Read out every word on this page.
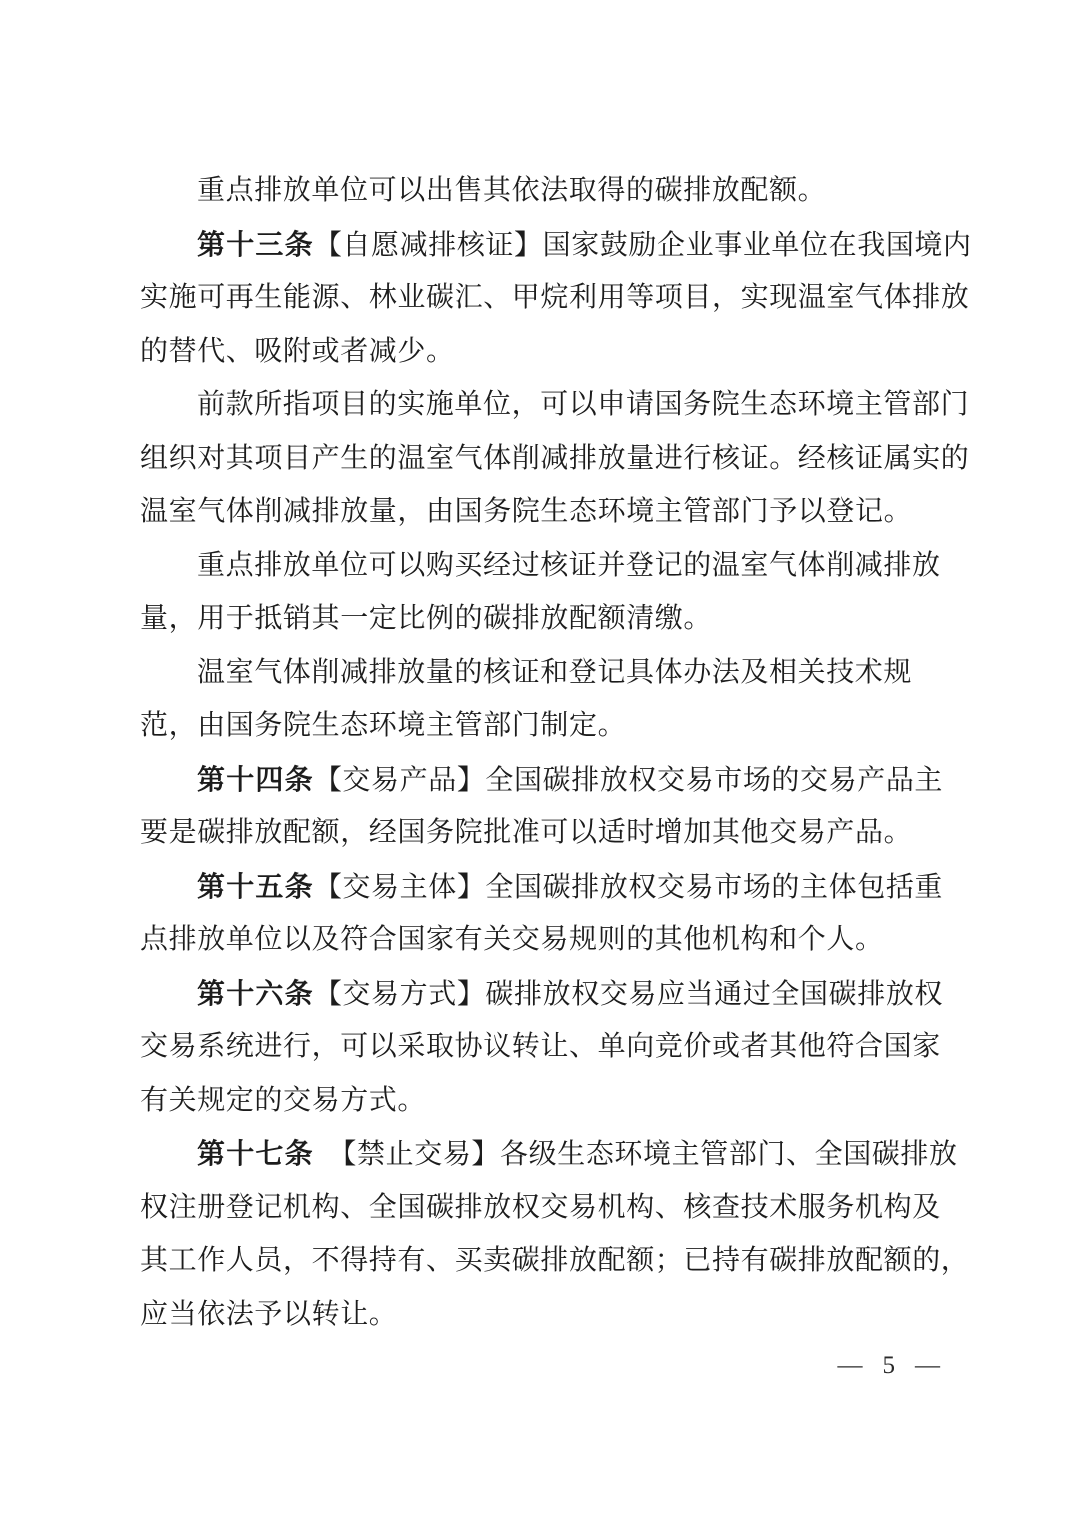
重点排放单位可以出售其依法取得的碳排放配额。
第十三条【自愿减排核证】国家鼓励企业事业单位在我国境内
实施可再生能源、林业碳汇、甲烷利用等项目，实现温室气体排放
的替代、吸附或者减少。
前款所指项目的实施单位，可以申请国务院生态环境主管部门
组织对其项目产生的温室气体削减排放量进行核证。经核证属实的
温室气体削减排放量，由国务院生态环境主管部门予以登记。
重点排放单位可以购买经过核证并登记的温室气体削减排放
量，用于抵销其一定比例的碳排放配额清缴。
温室气体削减排放量的核证和登记具体办法及相关技术规
范，由国务院生态环境主管部门制定。
第十四条【交易产品】全国碳排放权交易市场的交易产品主
要是碳排放配额，经国务院批准可以适时增加其他交易产品。
第十五条【交易主体】全国碳排放权交易市场的主体包括重
点排放单位以及符合国家有关交易规则的其他机构和个人。
第十六条【交易方式】碳排放权交易应当通过全国碳排放权
交易系统进行，可以采取协议转让、单向竞价或者其他符合国家
有关规定的交易方式。
第十七条 【禁止交易】各级生态环境主管部门、全国碳排放
权注册登记机构、全国碳排放权交易机构、核查技术服务机构及
其工作人员，不得持有、买卖碳排放配额；已持有碳排放配额的，
应当依法予以转让。
— 5 —
